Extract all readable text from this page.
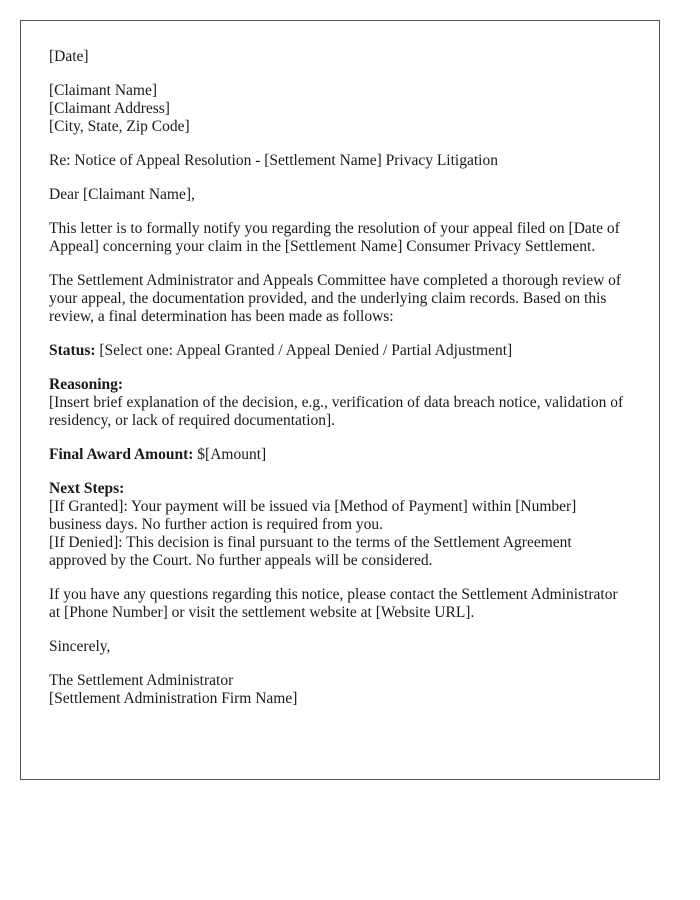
[Date]
[Claimant Name]
[Claimant Address]
[City, State, Zip Code]

Re: Notice of Appeal Resolution - [Settlement Name] Privacy Litigation

Dear [Claimant Name],

This letter is to formally notify you regarding the resolution of your appeal filed on [Date of Appeal] concerning your claim in the [Settlement Name] Consumer Privacy Settlement.

The Settlement Administrator and Appeals Committee have completed a thorough review of your appeal, the documentation provided, and the underlying claim records. Based on this review, a final determination has been made as follows:

Status: [Select one: Appeal Granted / Appeal Denied / Partial Adjustment]

Reasoning:
[Insert brief explanation of the decision, e.g., verification of data breach notice, validation of residency, or lack of required documentation].

Final Award Amount: $[Amount]

Next Steps:
[If Granted]: Your payment will be issued via [Method of Payment] within [Number] business days. No further action is required from you.
[If Denied]: This decision is final pursuant to the terms of the Settlement Agreement approved by the Court. No further appeals will be considered.

If you have any questions regarding this notice, please contact the Settlement Administrator at [Phone Number] or visit the settlement website at [Website URL].

Sincerely,

The Settlement Administrator
[Settlement Administration Firm Name]
